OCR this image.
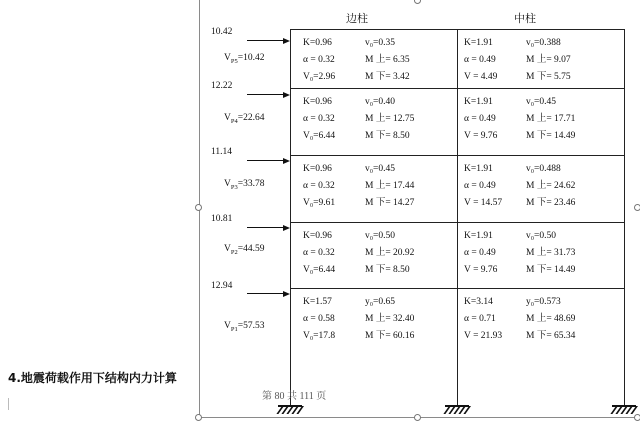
边柱	中柱
10.42
$V_{P5}=10.42$
K=0.96	v₀=0.35
α = 0.32	M 上= 6.35
V₀=2.96	M 下= 3.42
K=1.91	v₀=0.388
α = 0.49	M 上= 9.07
V = 4.49	M 下= 5.75
12.22
$V_{P4}=22.64$
K=0.96	v₀=0.40
α = 0.32	M 上= 12.75
V₀=6.44	M 下= 8.50
K=1.91	v₀=0.45
α = 0.49	M 上= 17.71
V = 9.76	M 下= 14.49
11.14
$V_{P3}=33.78$
K=0.96	v₀=0.45
α = 0.32	M 上= 17.44
V₀=9.61	M 下= 14.27
K=1.91	v₀=0.488
α = 0.49	M 上= 24.62
V = 14.57	M 下= 23.46
10.81
$V_{P2}=44.59$
K=0.96	v₀=0.50
α = 0.32	M 上= 20.92
V₀=6.44	M 下= 8.50
K=1.91	v₀=0.50
α = 0.49	M 上= 31.73
V = 9.76	M 下= 14.49
12.94
$V_{P1}=57.53$
K=1.57	y₀=0.65
α = 0.58	M 上= 32.40
V₀=17.8	M 下= 60.16
K=3.14	y₀=0.573
α = 0.71	M 上= 48.69
V = 21.93	M 下= 65.34
4.地震荷载作用下结构内力计算
第 80 共 111 页
